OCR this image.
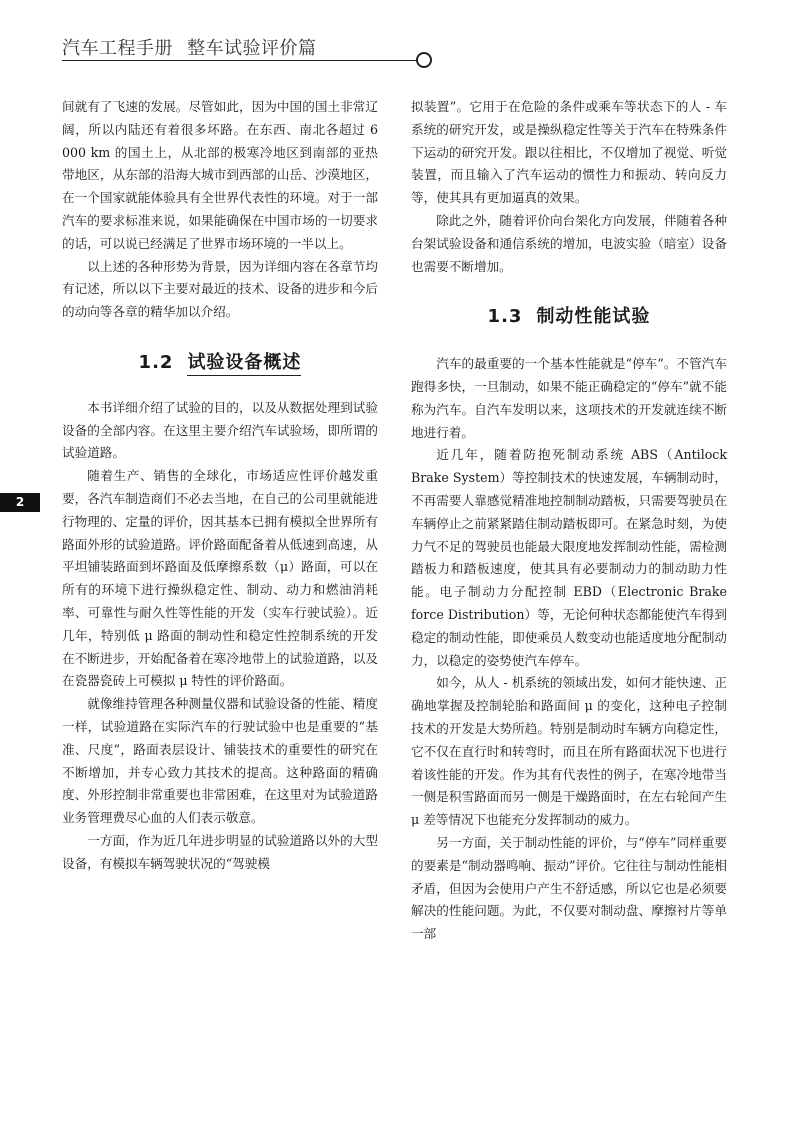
汽车工程手册 整车试验评价篇
2

间就有了飞速的发展。尽管如此，因为中国的国土非常辽阔，所以内陆还有着很多坏路。在东西、南北各超过 6 000 km 的国土上，从北部的极寒冷地区到南部的亚热带地区，从东部的沿海大城市到西部的山岳、沙漠地区，在一个国家就能体验具有全世界代表性的环境。对于一部汽车的要求标准来说，如果能确保在中国市场的一切要求的话，可以说已经满足了世界市场环境的一半以上。

以上述的各种形势为背景，因为详细内容在各章节均有记述，所以以下主要对最近的技术、设备的进步和今后的动向等各章的精华加以介绍。

1.2 试验设备概述

本书详细介绍了试验的目的，以及从数据处理到试验设备的全部内容。在这里主要介绍汽车试验场，即所谓的试验道路。

随着生产、销售的全球化，市场适应性评价越发重要，各汽车制造商们不必去当地，在自己的公司里就能进行物理的、定量的评价，因其基本已拥有模拟全世界所有路面外形的试验道路。评价路面配备着从低速到高速，从平坦铺装路面到坏路面及低摩擦系数（μ）路面，可以在所有的环境下进行操纵稳定性、制动、动力和燃油消耗率、可靠性与耐久性等性能的开发（实车行驶试验）。近几年，特别低 μ 路面的制动性和稳定性控制系统的开发在不断进步，开始配备着在寒冷地带上的试验道路，以及在瓷器瓷砖上可模拟 μ 特性的评价路面。

就像维持管理各种测量仪器和试验设备的性能、精度一样，试验道路在实际汽车的行驶试验中也是重要的“基准、尺度”，路面表层设计、铺装技术的重要性的研究在不断增加，并专心致力其技术的提高。这种路面的精确度、外形控制非常重要也非常困难，在这里对为试验道路业务管理费尽心血的人们表示敬意。

一方面，作为近几年进步明显的试验道路以外的大型设备，有模拟车辆驾驶状况的“驾驶模

拟装置”。它用于在危险的条件或乘车等状态下的人 - 车系统的研究开发，或是操纵稳定性等关于汽车在特殊条件下运动的研究开发。跟以往相比，不仅增加了视觉、听觉装置，而且输入了汽车运动的惯性力和振动、转向反力等，使其具有更加逼真的效果。

除此之外，随着评价向台架化方向发展，伴随着各种台架试验设备和通信系统的增加，电波实验（暗室）设备也需要不断增加。

1.3 制动性能试验

汽车的最重要的一个基本性能就是“停车”。不管汽车跑得多快，一旦制动，如果不能正确稳定的“停车”就不能称为汽车。自汽车发明以来，这项技术的开发就连续不断地进行着。

近几年，随着防抱死制动系统 ABS（Antilock Brake System）等控制技术的快速发展，车辆制动时，不再需要人靠感觉精准地控制制动踏板，只需要驾驶员在车辆停止之前紧紧踏住制动踏板即可。在紧急时刻，为使力气不足的驾驶员也能最大限度地发挥制动性能，需检测踏板力和踏板速度，使其具有必要制动力的制动助力性能。电子制动力分配控制 EBD（Electronic Brake force Distribution）等，无论何种状态都能使汽车得到稳定的制动性能，即使乘员人数变动也能适度地分配制动力，以稳定的姿势使汽车停车。

如今，从人 - 机系统的领域出发，如何才能快速、正确地掌握及控制轮胎和路面间 μ 的变化，这种电子控制技术的开发是大势所趋。特别是制动时车辆方向稳定性，它不仅在直行时和转弯时，而且在所有路面状况下也进行着该性能的开发。作为其有代表性的例子，在寒冷地带当一侧是积雪路面而另一侧是干燥路面时，在左右轮间产生 μ 差等情况下也能充分发挥制动的威力。

另一方面，关于制动性能的评价，与“停车”同样重要的要素是“制动器鸣响、振动”评价。它往往与制动性能相矛盾，但因为会使用户产生不舒适感，所以它也是必须要解决的性能问题。为此，不仅要对制动盘、摩擦衬片等单一部
